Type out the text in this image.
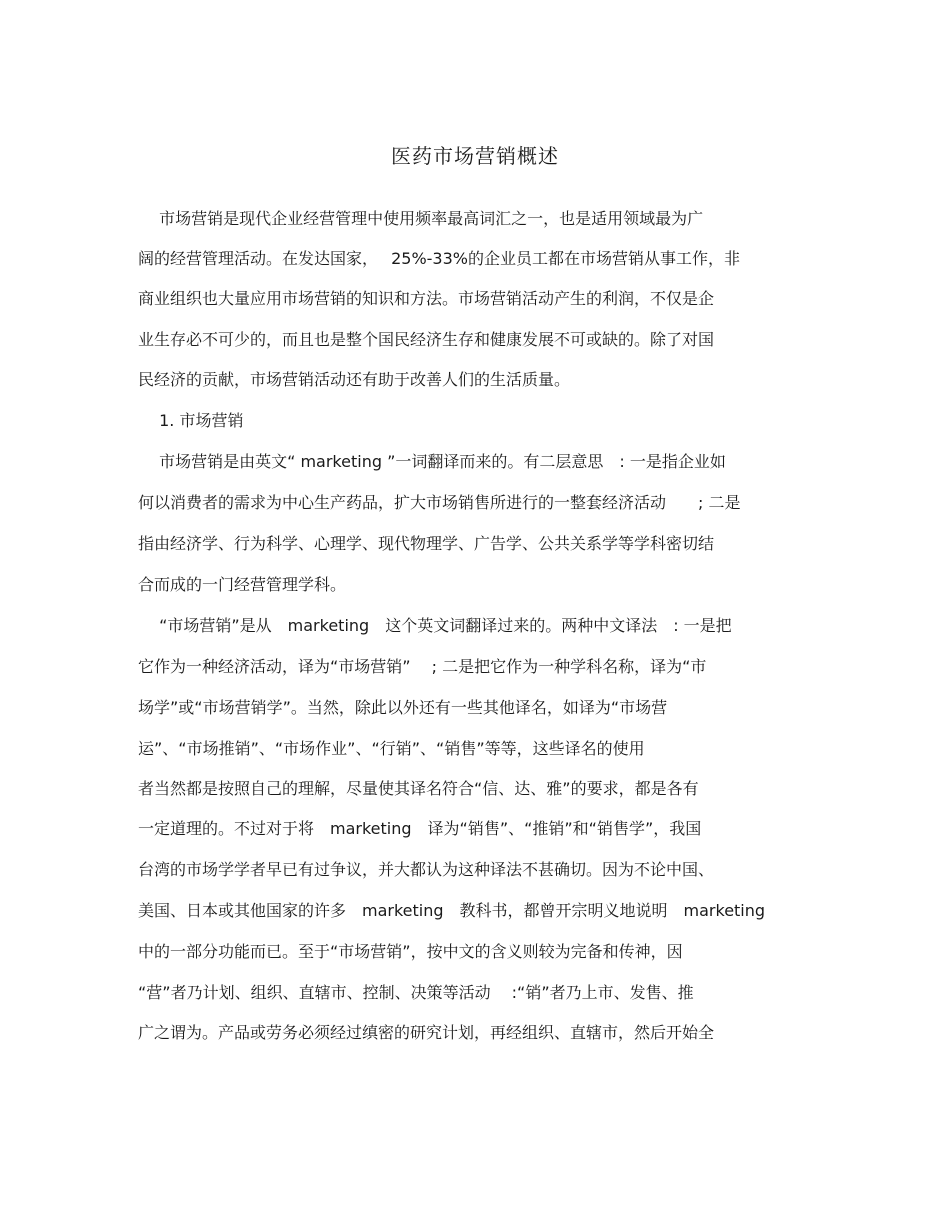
医药市场营销概述
　 市场营销是现代企业经营管理中使用频率最高词汇之一，也是适用领域最为广
阔的经营管理活动。在发达国家，　 25%-33%的企业员工都在市场营销从事工作，非
商业组织也大量应用市场营销的知识和方法。市场营销活动产生的利润，不仅是企
业生存必不可少的，而且也是整个国民经济生存和健康发展不可或缺的。除了对国
民经济的贡献，市场营销活动还有助于改善人们的生活质量。
　 1. 市场营销
　 市场营销是由英文“ marketing ”一词翻译而来的。有二层意思　: 一是指企业如
何以消费者的需求为中心生产药品，扩大市场销售所进行的一整套经济活动　　; 二是
指由经济学、行为科学、心理学、现代物理学、广告学、公共关系学等学科密切结
合而成的一门经营管理学科。
　 “市场营销”是从　marketing　这个英文词翻译过来的。两种中文译法　: 一是把
它作为一种经济活动，译为“市场营销”　 ; 二是把它作为一种学科名称，译为“市
场学”或“市场营销学”。当然，除此以外还有一些其他译名，如译为“市场营
运”、“市场推销”、“市场作业”、“行销”、“销售”等等，这些译名的使用
者当然都是按照自己的理解，尽量使其译名符合“信、达、雅”的要求，都是各有
一定道理的。不过对于将　marketing　译为“销售”、“推销”和“销售学”，我国
台湾的市场学学者早已有过争议，并大都认为这种译法不甚确切。因为不论中国、
美国、日本或其他国家的许多　marketing　教科书，都曾开宗明义地说明　marketing
中的一部分功能而已。至于“市场营销”，按中文的含义则较为完备和传神，因
“营”者乃计划、组织、直辖市、控制、决策等活动　 :“销”者乃上市、发售、推
广之谓为。产品或劳务必须经过缜密的研究计划，再经组织、直辖市，然后开始全
